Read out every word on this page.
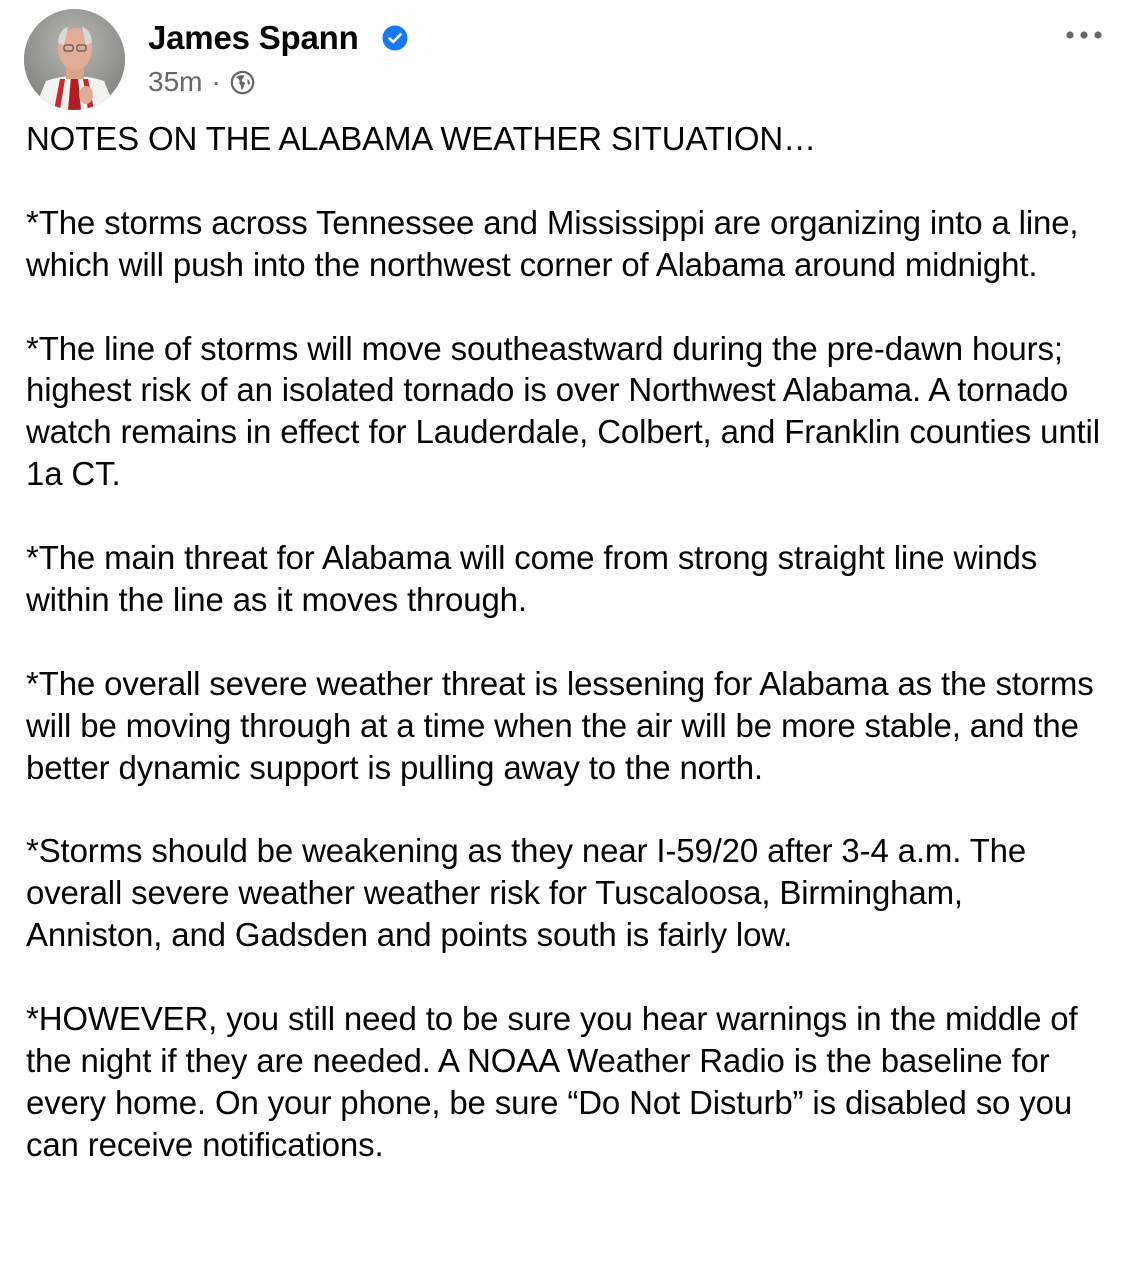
James Spann
35m ·

NOTES ON THE ALABAMA WEATHER SITUATION…

*The storms across Tennessee and Mississippi are organizing into a line, which will push into the northwest corner of Alabama around midnight.

*The line of storms will move southeastward during the pre-dawn hours; highest risk of an isolated tornado is over Northwest Alabama. A tornado watch remains in effect for Lauderdale, Colbert, and Franklin counties until 1a CT.

*The main threat for Alabama will come from strong straight line winds within the line as it moves through.

*The overall severe weather threat is lessening for Alabama as the storms will be moving through at a time when the air will be more stable, and the better dynamic support is pulling away to the north.

*Storms should be weakening as they near I-59/20 after 3-4 a.m. The overall severe weather weather risk for Tuscaloosa, Birmingham, Anniston, and Gadsden and points south is fairly low.

*HOWEVER, you still need to be sure you hear warnings in the middle of the night if they are needed. A NOAA Weather Radio is the baseline for every home. On your phone, be sure “Do Not Disturb” is disabled so you can receive notifications.
